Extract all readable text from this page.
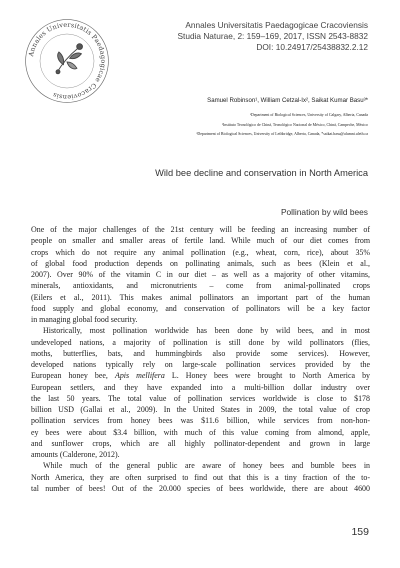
Annales Universitatis Paedagogicae Cracoviensis
Annales Universitatis Paedagogicae Cracoviensis
Studia Naturae, 2: 159–169, 2017, ISSN 2543-8832
DOI: 10.24917/25438832.2.12
Samuel Robinson¹, William Cetzal-Ix², Saikat Kumar Basu³*
¹Department of Biological Sciences, University of Calgary, Alberta, Canada
²Instituto Tecnológico de Chiná, Tecnológico Nacional de México, Chiná, Campeche, México
³Department of Biological Sciences, University of Lethbridge, Alberta, Canada, *saikat.basu@alumni.uleth.ca
Wild bee decline and conservation in North America
Pollination by wild bees
One of the major challenges of the 21st century will be feeding an increasing number of
people on smaller and smaller areas of fertile land. While much of our diet comes from
crops which do not require any animal pollination (e.g., wheat, corn, rice), about 35%
of global food production depends on pollinating animals, such as bees (Klein et al.,
2007). Over 90% of the vitamin C in our diet – as well as a majority of other vitamins,
minerals, antioxidants, and micronutrients – come from animal-pollinated crops
(Eilers et al., 2011). This makes animal pollinators an important part of the human
food supply and global economy, and conservation of pollinators will be a key factor
in managing global food security.
Historically, most pollination worldwide has been done by wild bees, and in most
undeveloped nations, a majority of pollination is still done by wild pollinators (flies,
moths, butterflies, bats, and hummingbirds also provide some services). However,
developed nations typically rely on large-scale pollination services provided by the
European honey bee, Apis mellifera L. Honey bees were brought to North America by
European settlers, and they have expanded into a multi-billion dollar industry over
the last 50 years. The total value of pollination services worldwide is close to $178
billion USD (Gallai et al., 2009). In the United States in 2009, the total value of crop
pollination services from honey bees was $11.6 billion, while services from non-hon-
ey bees were about $3.4 billion, with much of this value coming from almond, apple,
and sunflower crops, which are all highly pollinator-dependent and grown in large
amounts (Calderone, 2012).
While much of the general public are aware of honey bees and bumble bees in
North America, they are often surprised to find out that this is a tiny fraction of the to-
tal number of bees! Out of the 20.000 species of bees worldwide, there are about 4600
159
